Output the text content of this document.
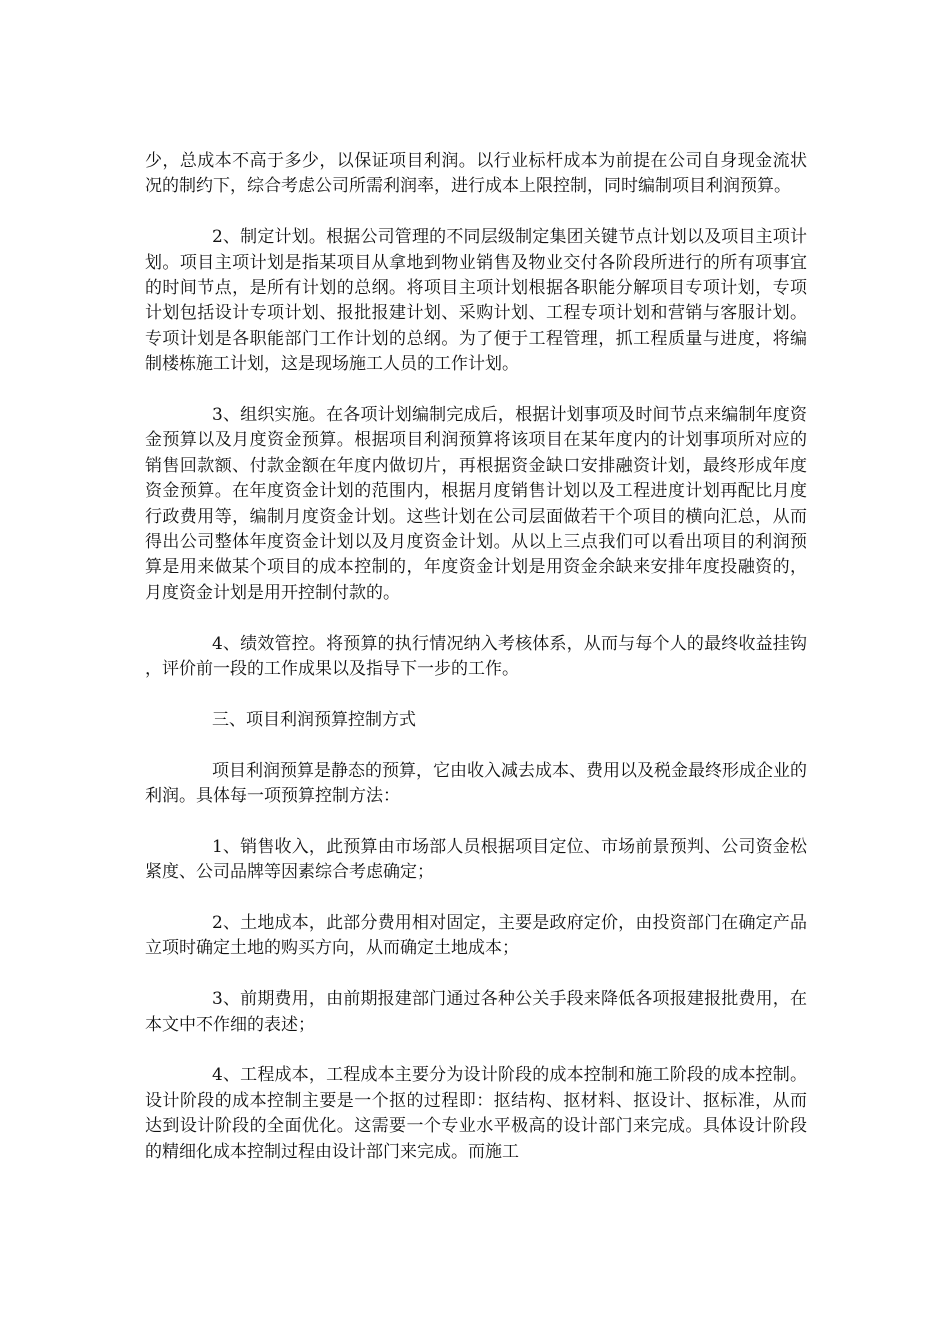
少，总成本不高于多少，以保证项目利润。以行业标杆成本为前提在公司自身现金流状况的制约下，综合考虑公司所需利润率，进行成本上限控制，同时编制项目利润预算。

2、制定计划。根据公司管理的不同层级制定集团关键节点计划以及项目主项计划。项目主项计划是指某项目从拿地到物业销售及物业交付各阶段所进行的所有项事宜的时间节点，是所有计划的总纲。将项目主项计划根据各职能分解项目专项计划，专项计划包括设计专项计划、报批报建计划、采购计划、工程专项计划和营销与客服计划。专项计划是各职能部门工作计划的总纲。为了便于工程管理，抓工程质量与进度，将编制楼栋施工计划，这是现场施工人员的工作计划。

3、组织实施。在各项计划编制完成后，根据计划事项及时间节点来编制年度资金预算以及月度资金预算。根据项目利润预算将该项目在某年度内的计划事项所对应的销售回款额、付款金额在年度内做切片，再根据资金缺口安排融资计划，最终形成年度资金预算。在年度资金计划的范围内，根据月度销售计划以及工程进度计划再配比月度行政费用等，编制月度资金计划。这些计划在公司层面做若干个项目的横向汇总，从而得出公司整体年度资金计划以及月度资金计划。从以上三点我们可以看出项目的利润预算是用来做某个项目的成本控制的，年度资金计划是用资金余缺来安排年度投融资的，月度资金计划是用开控制付款的。

4、绩效管控。将预算的执行情况纳入考核体系，从而与每个人的最终收益挂钩，评价前一段的工作成果以及指导下一步的工作。

三、项目利润预算控制方式

项目利润预算是静态的预算，它由收入减去成本、费用以及税金最终形成企业的利润。具体每一项预算控制方法：

1、销售收入，此预算由市场部人员根据项目定位、市场前景预判、公司资金松紧度、公司品牌等因素综合考虑确定；

2、土地成本，此部分费用相对固定，主要是政府定价，由投资部门在确定产品立项时确定土地的购买方向，从而确定土地成本；

3、前期费用，由前期报建部门通过各种公关手段来降低各项报建报批费用，在本文中不作细的表述；

4、工程成本，工程成本主要分为设计阶段的成本控制和施工阶段的成本控制。设计阶段的成本控制主要是一个抠的过程即：抠结构、抠材料、抠设计、抠标准，从而达到设计阶段的全面优化。这需要一个专业水平极高的设计部门来完成。具体设计阶段的精细化成本控制过程由设计部门来完成。而施工
